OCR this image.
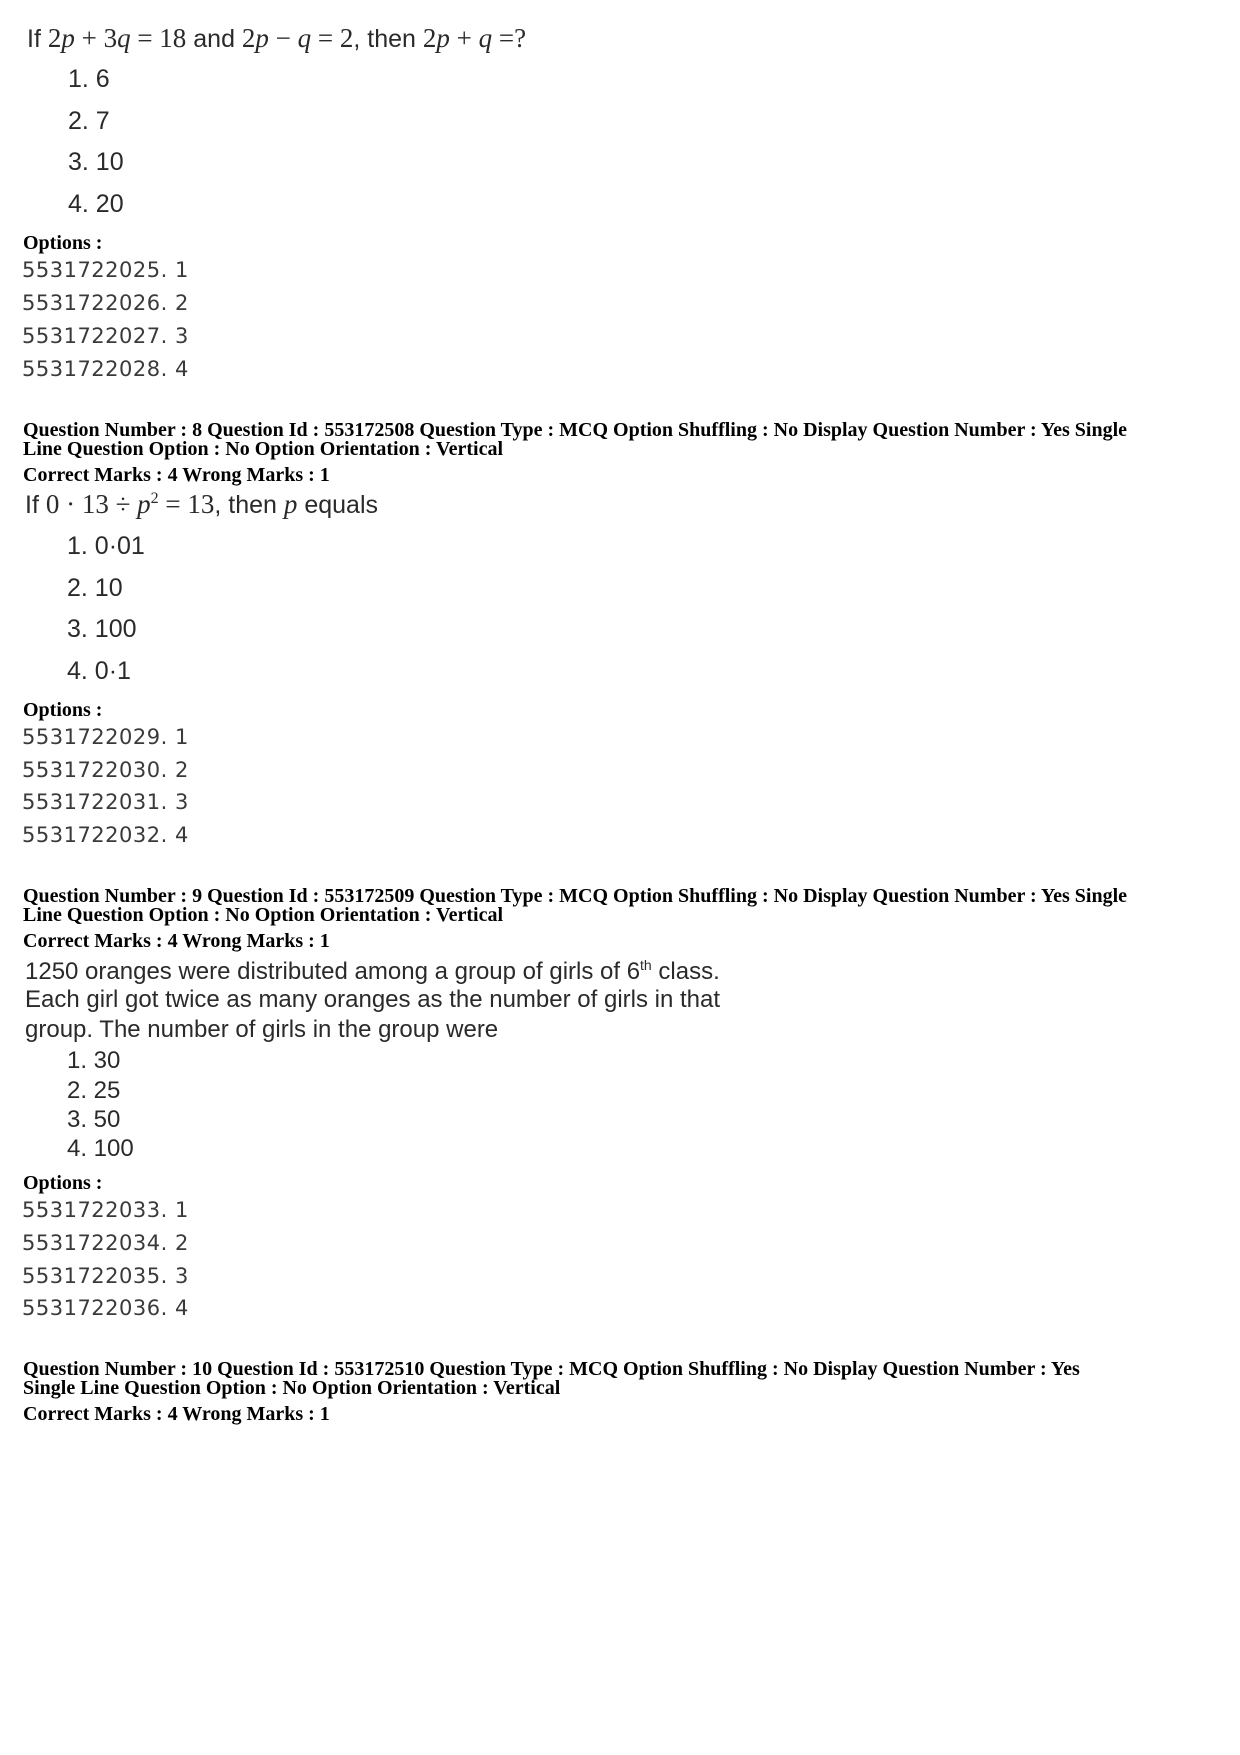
If 2p + 3q = 18 and 2p − q = 2, then 2p + q =?
1. 6
2. 7
3. 10
4. 20
Options :
5531722025. 1
5531722026. 2
5531722027. 3
5531722028. 4
Question Number : 8 Question Id : 553172508 Question Type : MCQ Option Shuffling : No Display Question Number : Yes Single
Line Question Option : No Option Orientation : Vertical
Correct Marks : 4 Wrong Marks : 1
If $0 \cdot 13 \div p^2 = 13$, then p equals
1. 0·01
2. 10
3. 100
4. 0·1
Options :
5531722029. 1
5531722030. 2
5531722031. 3
5531722032. 4
Question Number : 9 Question Id : 553172509 Question Type : MCQ Option Shuffling : No Display Question Number : Yes Single
Line Question Option : No Option Orientation : Vertical
Correct Marks : 4 Wrong Marks : 1
1250 oranges were distributed among a group of girls of 6th class.
Each girl got twice as many oranges as the number of girls in that
group. The number of girls in the group were
1. 30
2. 25
3. 50
4. 100
Options :
5531722033. 1
5531722034. 2
5531722035. 3
5531722036. 4
Question Number : 10 Question Id : 553172510 Question Type : MCQ Option Shuffling : No Display Question Number : Yes
Single Line Question Option : No Option Orientation : Vertical
Correct Marks : 4 Wrong Marks : 1
